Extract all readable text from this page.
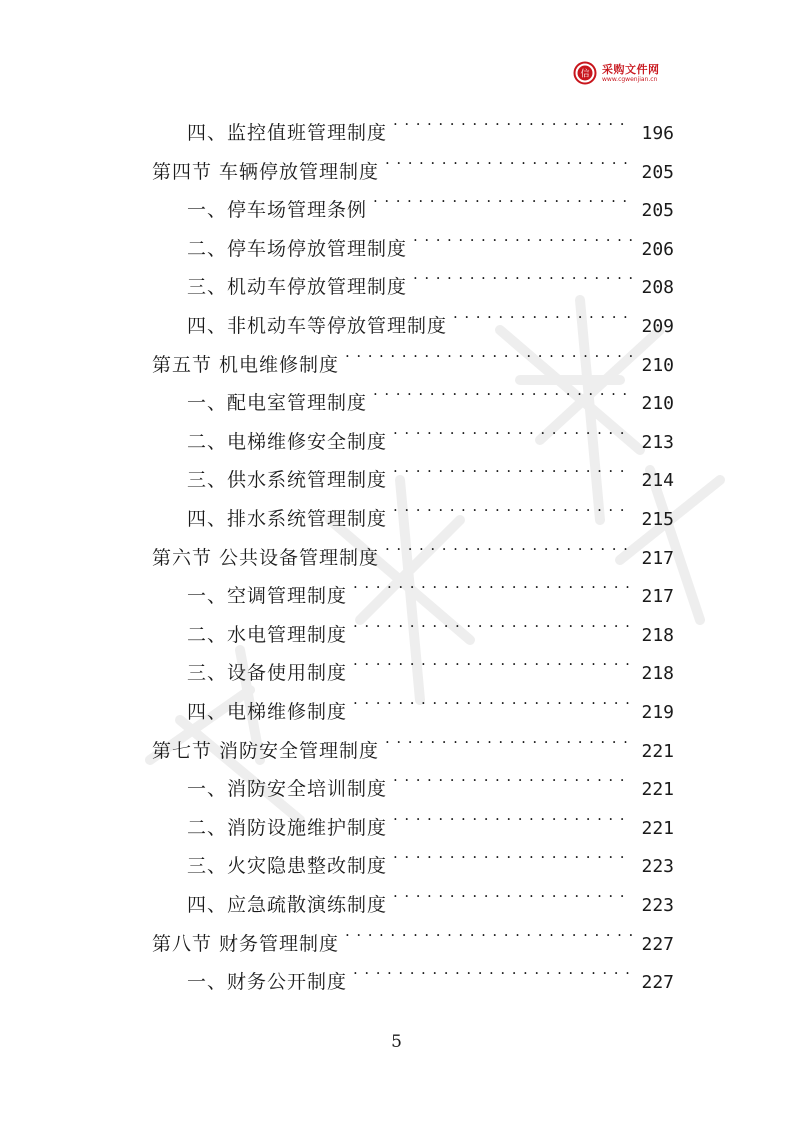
信 采购文件网
www.cgwenjian.cn
四、监控值班管理制度 . . .	196
第四节 车辆停放管理制度 . . .	205
一、停车场管理条例 . . .	205
二、停车场停放管理制度 . . .	206
三、机动车停放管理制度 . . .	208
四、非机动车等停放管理制度 . . .	209
第五节 机电维修制度 . . .	210
一、配电室管理制度 . . .	210
二、电梯维修安全制度 . . .	213
三、供水系统管理制度 . . .	214
四、排水系统管理制度 . . .	215
第六节 公共设备管理制度 . . .	217
一、空调管理制度 . . .	217
二、水电管理制度 . . .	218
三、设备使用制度 . . .	218
四、电梯维修制度 . . .	219
第七节 消防安全管理制度 . . .	221
一、消防安全培训制度 . . .	221
二、消防设施维护制度 . . .	221
三、火灾隐患整改制度 . . .	223
四、应急疏散演练制度 . . .	223
第八节 财务管理制度 . . .	227
一、财务公开制度 . . .	227
5
